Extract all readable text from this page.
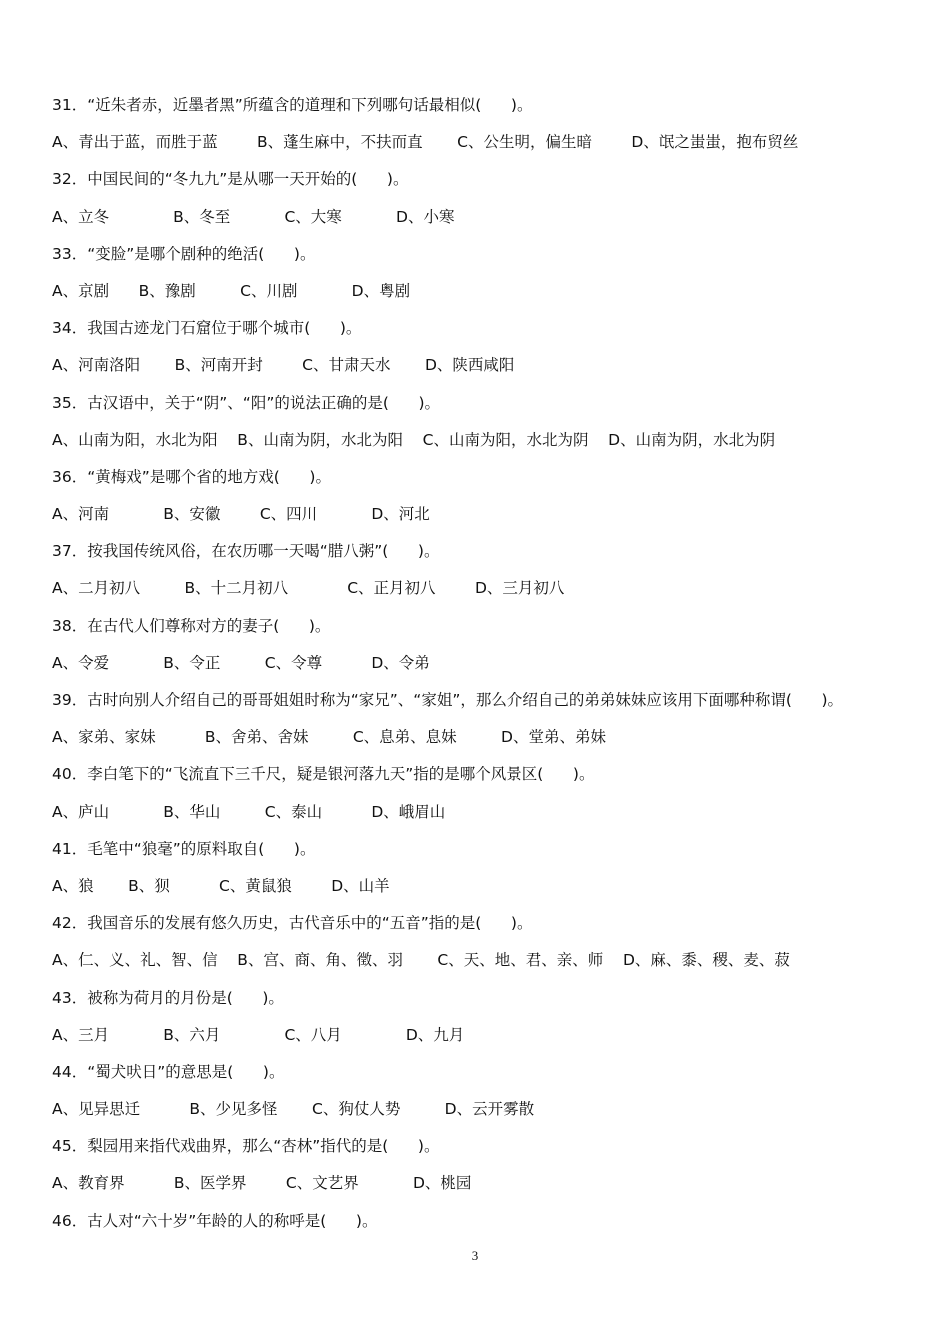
31．“近朱者赤，近墨者黑”所蕴含的道理和下列哪句话最相似(      )。
A、青出于蓝，而胜于蓝        B、蓬生麻中，不扶而直       C、公生明，偏生暗        D、氓之蚩蚩，抱布贸丝
32．中国民间的“冬九九”是从哪一天开始的(      )。
A、立冬             B、冬至           C、大寒           D、小寒
33．“变脸”是哪个剧种的绝活(      )。
A、京剧      B、豫剧         C、川剧           D、粤剧
34．我国古迹龙门石窟位于哪个城市(      )。
A、河南洛阳       B、河南开封        C、甘肃天水       D、陕西咸阳
35．古汉语中，关于“阴”、“阳”的说法正确的是(      )。
A、山南为阳，水北为阳    B、山南为阴，水北为阳    C、山南为阳，水北为阴    D、山南为阴，水北为阴
36．“黄梅戏”是哪个省的地方戏(      )。
A、河南           B、安徽        C、四川           D、河北
37．按我国传统风俗，在农历哪一天喝“腊八粥”(      )。
A、二月初八         B、十二月初八            C、正月初八        D、三月初八
38．在古代人们尊称对方的妻子(      )。
A、令爱           B、令正         C、令尊          D、令弟
39．古时向别人介绍自己的哥哥姐姐时称为“家兄”、“家姐”，那么介绍自己的弟弟妹妹应该用下面哪种称谓(      )。
A、家弟、家妹          B、舍弟、舍妹         C、息弟、息妹         D、堂弟、弟妹
40．李白笔下的“飞流直下三千尺，疑是银河落九天”指的是哪个风景区(      )。
A、庐山           B、华山         C、泰山          D、峨眉山
41．毛笔中“狼毫”的原料取自(      )。
A、狼       B、狈          C、黄鼠狼        D、山羊
42．我国音乐的发展有悠久历史，古代音乐中的“五音”指的是(      )。
A、仁、义、礼、智、信    B、宫、商、角、徵、羽       C、天、地、君、亲、师    D、麻、黍、稷、麦、菽
43．被称为荷月的月份是(      )。
A、三月           B、六月             C、八月             D、九月
44．“蜀犬吠日”的意思是(      )。
A、见异思迁          B、少见多怪       C、狗仗人势         D、云开雾散
45．梨园用来指代戏曲界，那么“杏林”指代的是(      )。
A、教育界          B、医学界        C、文艺界           D、桃园
46．古人对“六十岁”年龄的人的称呼是(      )。
3
